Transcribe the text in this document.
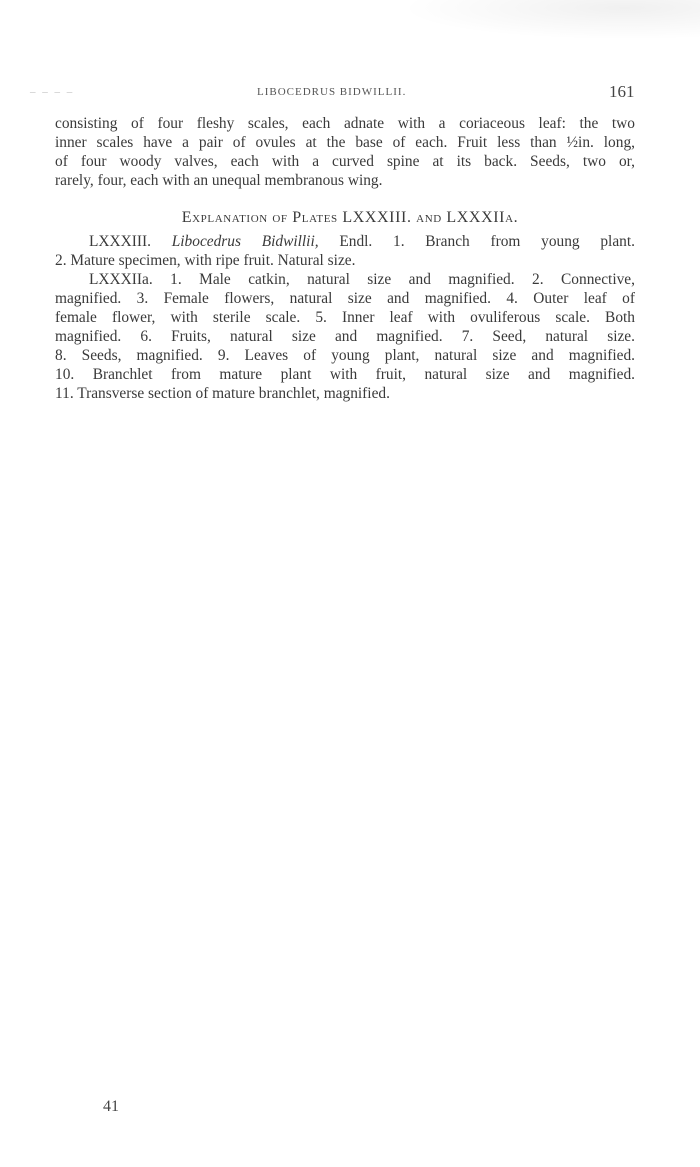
– – – –	LIBOCEDRUS BIDWILLII.	161
consisting of four fleshy scales, each adnate with a coriaceous leaf: the two
inner scales have a pair of ovules at the base of each. Fruit less than ½in. long,
of four woody valves, each with a curved spine at its back. Seeds, two or,
rarely, four, each with an unequal membranous wing.
Explanation of Plates LXXXIII. and LXXXIIa.
LXXXIII. Libocedrus Bidwillii, Endl. 1. Branch from young plant.
2. Mature specimen, with ripe fruit. Natural size.
LXXXIIa. 1. Male catkin, natural size and magnified. 2. Connective,
magnified. 3. Female flowers, natural size and magnified. 4. Outer leaf of
female flower, with sterile scale. 5. Inner leaf with ovuliferous scale. Both
magnified. 6. Fruits, natural size and magnified. 7. Seed, natural size.
8. Seeds, magnified. 9. Leaves of young plant, natural size and magnified.
10. Branchlet from mature plant with fruit, natural size and magnified.
11. Transverse section of mature branchlet, magnified.
41
